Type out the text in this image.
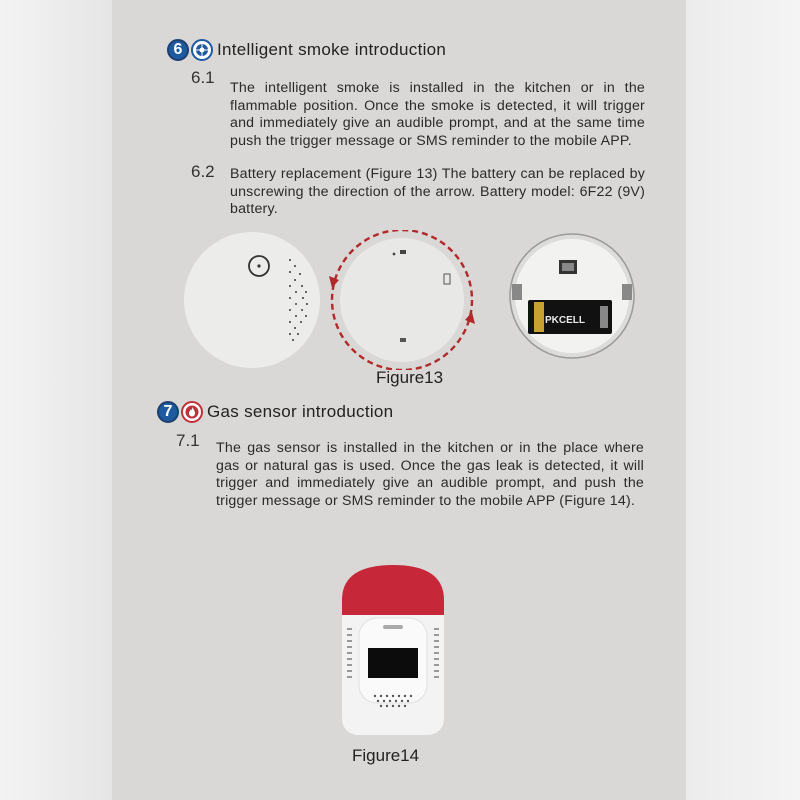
6	Intelligent smoke introduction
6.1
The intelligent smoke is installed in the kitchen or in the flammable position. Once the smoke is detected, it will trigger and immediately give an audible prompt, and at the same time push the trigger message or SMS reminder to the mobile APP.
6.2 Battery replacement (Figure 13) The battery can be replaced by unscrewing the direction of the arrow. Battery model: 6F22 (9V) battery.
PKCELL
Figure13
7	Gas sensor introduction
7.1 The gas sensor is installed in the kitchen or in the place where gas or natural gas is used. Once the gas leak is detected, it will trigger and immediately give an audible prompt, and push the trigger message or SMS reminder to the mobile APP (Figure 14).
Figure14
